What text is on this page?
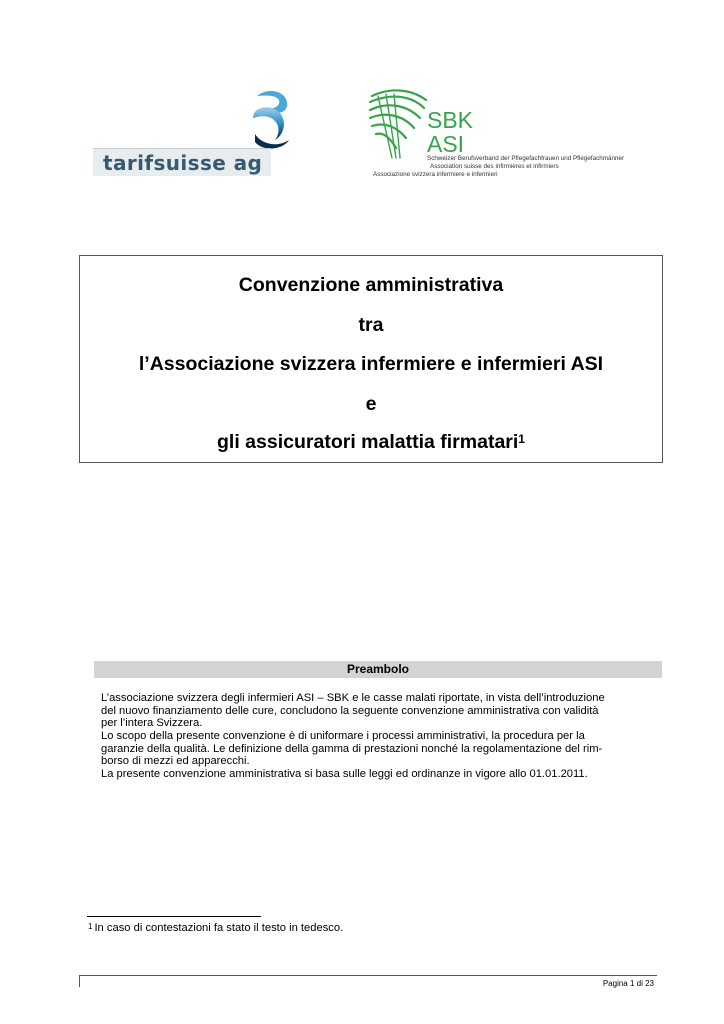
tarifsuisse ag
SBK
ASI
Schweizer Berufsverband der Pflegefachfrauen und Pflegefachmänner
Association suisse des infirmières et infirmiers
Associazione svizzera infermiere e infermieri
Convenzione amministrativa
tra
l’Associazione svizzera infermiere e infermieri ASI
e
gli assicuratori malattia firmatari$^1$
Preambolo
L’associazione svizzera degli infermieri ASI – SBK e le casse malati riportate, in vista dell’introduzione
del nuovo finanziamento delle cure, concludono la seguente convenzione amministrativa con validità
per l’intera Svizzera.
Lo scopo della presente convenzione è di uniformare i processi amministrativi, la procedura per la
garanzie della qualità. Le definizione della gamma di prestazioni nonché la regolamentazione del rim-
borso di mezzi ed apparecchi.
La presente convenzione amministrativa si basa sulle leggi ed ordinanze in vigore allo 01.01.2011.
$^1$ In caso di contestazioni fa stato il testo in tedesco.
Pagina 1 di 23
